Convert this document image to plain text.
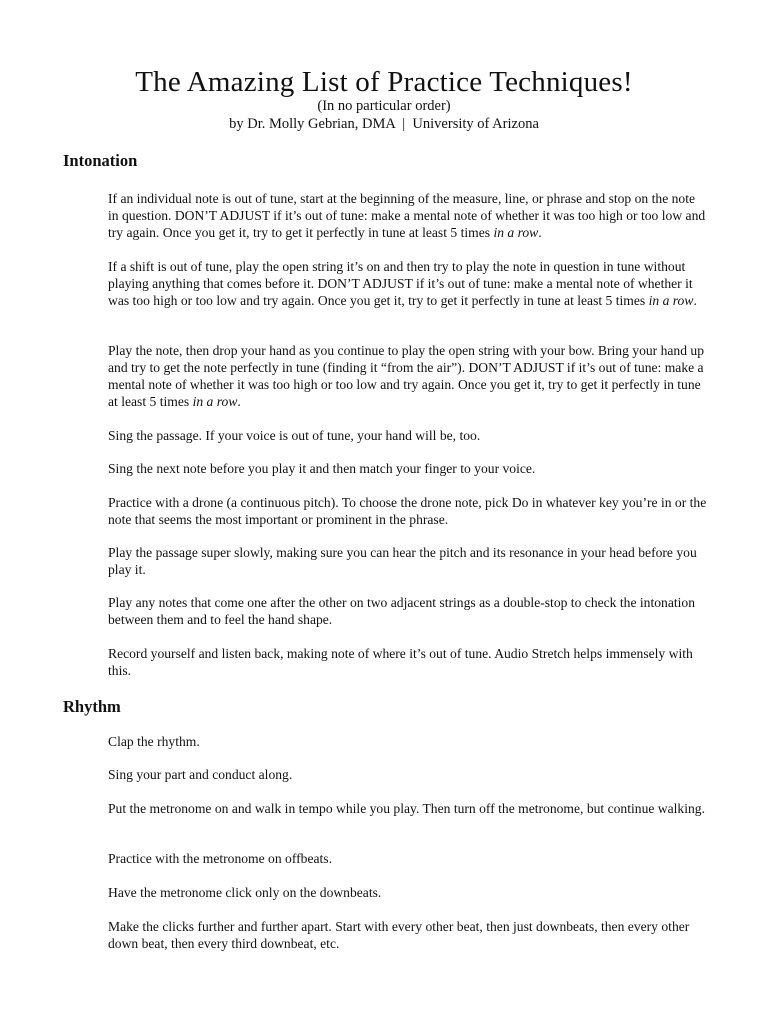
The Amazing List of Practice Techniques!

(In no particular order)

by Dr. Molly Gebrian, DMA  |  University of Arizona

Intonation

If an individual note is out of tune, start at the beginning of the measure, line, or phrase and stop on the note in question. DON’T ADJUST if it’s out of tune: make a mental note of whether it was too high or too low and try again. Once you get it, try to get it perfectly in tune at least 5 times in a row.

If a shift is out of tune, play the open string it’s on and then try to play the note in question in tune without playing anything that comes before it. DON’T ADJUST if it’s out of tune: make a mental note of whether it was too high or too low and try again. Once you get it, try to get it perfectly in tune at least 5 times in a row.

Play the note, then drop your hand as you continue to play the open string with your bow. Bring your hand up and try to get the note perfectly in tune (finding it “from the air”). DON’T ADJUST if it’s out of tune: make a mental note of whether it was too high or too low and try again. Once you get it, try to get it perfectly in tune at least 5 times in a row.

Sing the passage. If your voice is out of tune, your hand will be, too.

Sing the next note before you play it and then match your finger to your voice.

Practice with a drone (a continuous pitch). To choose the drone note, pick Do in whatever key you’re in or the note that seems the most important or prominent in the phrase.

Play the passage super slowly, making sure you can hear the pitch and its resonance in your head before you play it.

Play any notes that come one after the other on two adjacent strings as a double-stop to check the intonation between them and to feel the hand shape.

Record yourself and listen back, making note of where it’s out of tune. Audio Stretch helps immensely with this.

Rhythm

Clap the rhythm.

Sing your part and conduct along.

Put the metronome on and walk in tempo while you play. Then turn off the metronome, but continue walking.

Practice with the metronome on offbeats.

Have the metronome click only on the downbeats.

Make the clicks further and further apart. Start with every other beat, then just downbeats, then every other down beat, then every third downbeat, etc.
